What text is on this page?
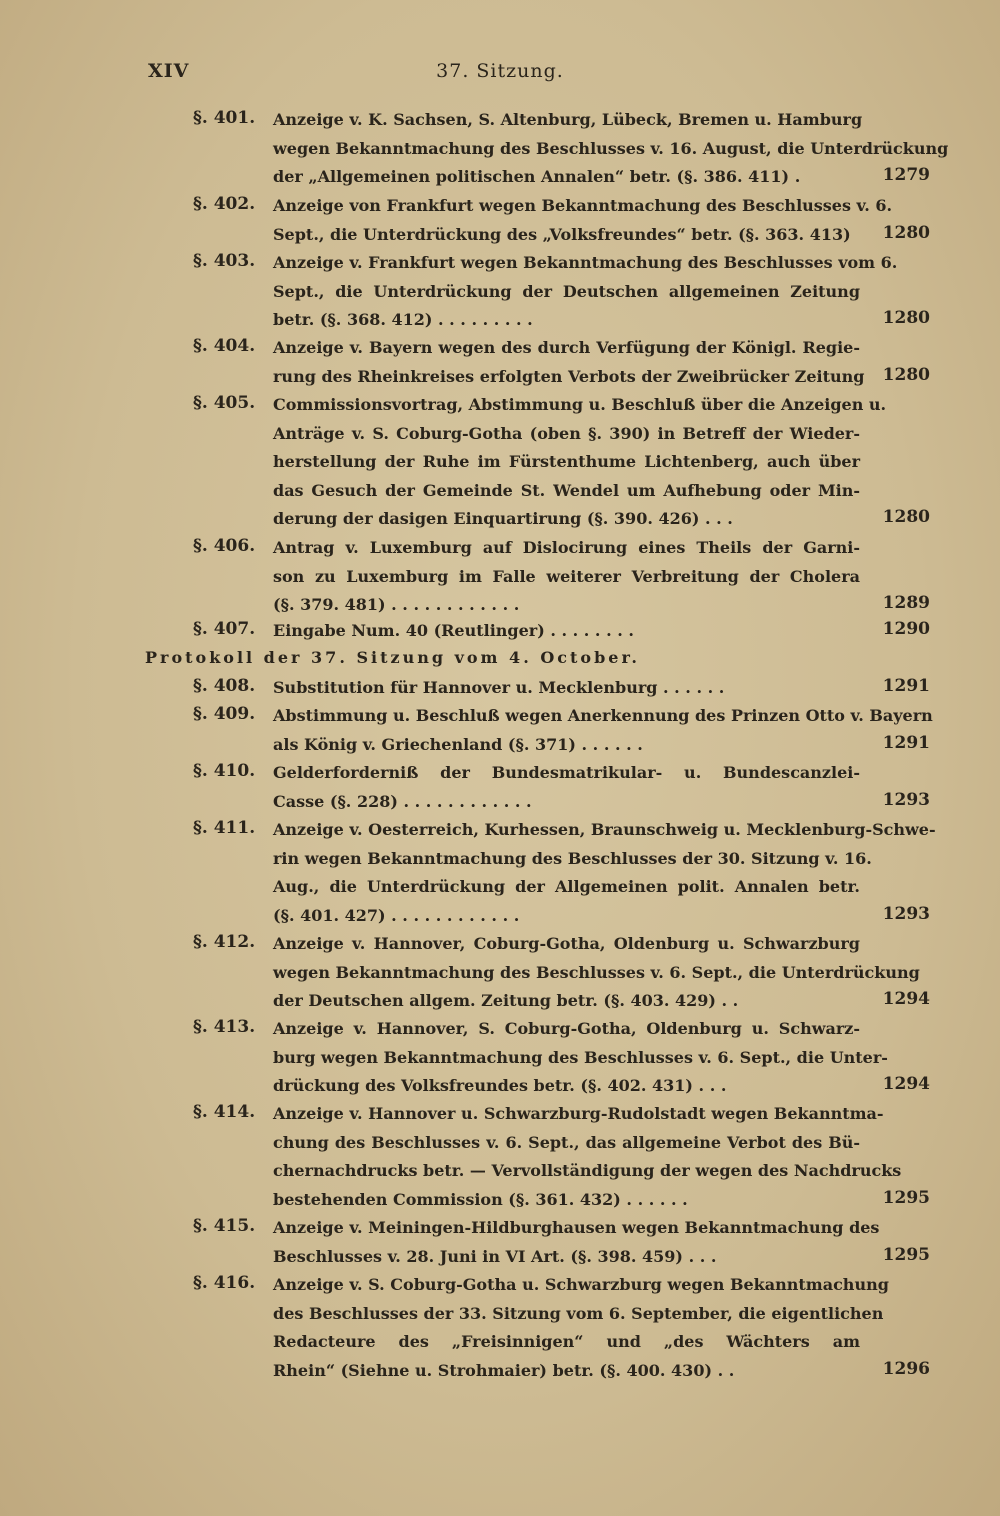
XIV	37. Sitzung.
§. 401.	Anzeige v. K. Sachsen, S. Altenburg, Lübeck, Bremen u. Hamburg
wegen Bekanntmachung des Beschlusses v. 16. August, die Unterdrückung
der „Allgemeinen politischen Annalen“ betr. (§. 386. 411) .	1279
§. 402.	Anzeige von Frankfurt wegen Bekanntmachung des Beschlusses v. 6.
Sept., die Unterdrückung des „Volksfreundes“ betr. (§. 363. 413)	1280
§. 403.	Anzeige v. Frankfurt wegen Bekanntmachung des Beschlusses vom 6.
Sept., die Unterdrückung der Deutschen allgemeinen Zeitung
betr. (§. 368. 412) . . . . . . . . .	1280
§. 404.	Anzeige v. Bayern wegen des durch Verfügung der Königl. Regie-
rung des Rheinkreises erfolgten Verbots der Zweibrücker Zeitung	1280
§. 405.	Commissionsvortrag, Abstimmung u. Beschluß über die Anzeigen u.
Anträge v. S. Coburg-Gotha (oben §. 390) in Betreff der Wieder-
herstellung der Ruhe im Fürstenthume Lichtenberg, auch über
das Gesuch der Gemeinde St. Wendel um Aufhebung oder Min-
derung der dasigen Einquartirung (§. 390. 426) . . .	1280
§. 406.	Antrag v. Luxemburg auf Dislocirung eines Theils der Garni-
son zu Luxemburg im Falle weiterer Verbreitung der Cholera
(§. 379. 481) . . . . . . . . . . . .	1289
§. 407.	Eingabe Num. 40 (Reutlinger) . . . . . . . .	1290
§. 408.	Substitution für Hannover u. Mecklenburg . . . . . .	1291
§. 409.	Abstimmung u. Beschluß wegen Anerkennung des Prinzen Otto v. Bayern
als König v. Griechenland (§. 371) . . . . . .	1291
§. 410.	Gelderforderniß der Bundesmatrikular- u. Bundescanzlei-
Casse (§. 228) . . . . . . . . . . . .	1293
§. 411.	Anzeige v. Oesterreich, Kurhessen, Braunschweig u. Mecklenburg-Schwe-
rin wegen Bekanntmachung des Beschlusses der 30. Sitzung v. 16.
Aug., die Unterdrückung der Allgemeinen polit. Annalen betr.
(§. 401. 427) . . . . . . . . . . . .	1293
§. 412.	Anzeige v. Hannover, Coburg-Gotha, Oldenburg u. Schwarzburg
wegen Bekanntmachung des Beschlusses v. 6. Sept., die Unterdrückung
der Deutschen allgem. Zeitung betr. (§. 403. 429) . .	1294
§. 413.	Anzeige v. Hannover, S. Coburg-Gotha, Oldenburg u. Schwarz-
burg wegen Bekanntmachung des Beschlusses v. 6. Sept., die Unter-
drückung des Volksfreundes betr. (§. 402. 431) . . .	1294
§. 414.	Anzeige v. Hannover u. Schwarzburg-Rudolstadt wegen Bekanntma-
chung des Beschlusses v. 6. Sept., das allgemeine Verbot des Bü-
chernachdrucks betr. — Vervollständigung der wegen des Nachdrucks
bestehenden Commission (§. 361. 432) . . . . . .	1295
§. 415.	Anzeige v. Meiningen-Hildburghausen wegen Bekanntmachung des
Beschlusses v. 28. Juni in VI Art. (§. 398. 459) . . .	1295
§. 416.	Anzeige v. S. Coburg-Gotha u. Schwarzburg wegen Bekanntmachung
des Beschlusses der 33. Sitzung vom 6. September, die eigentlichen
Redacteure des „Freisinnigen“ und „des Wächters am
Rhein“ (Siehne u. Strohmaier) betr. (§. 400. 430) . .	1296
Protokoll der 37. Sitzung vom 4. October.
